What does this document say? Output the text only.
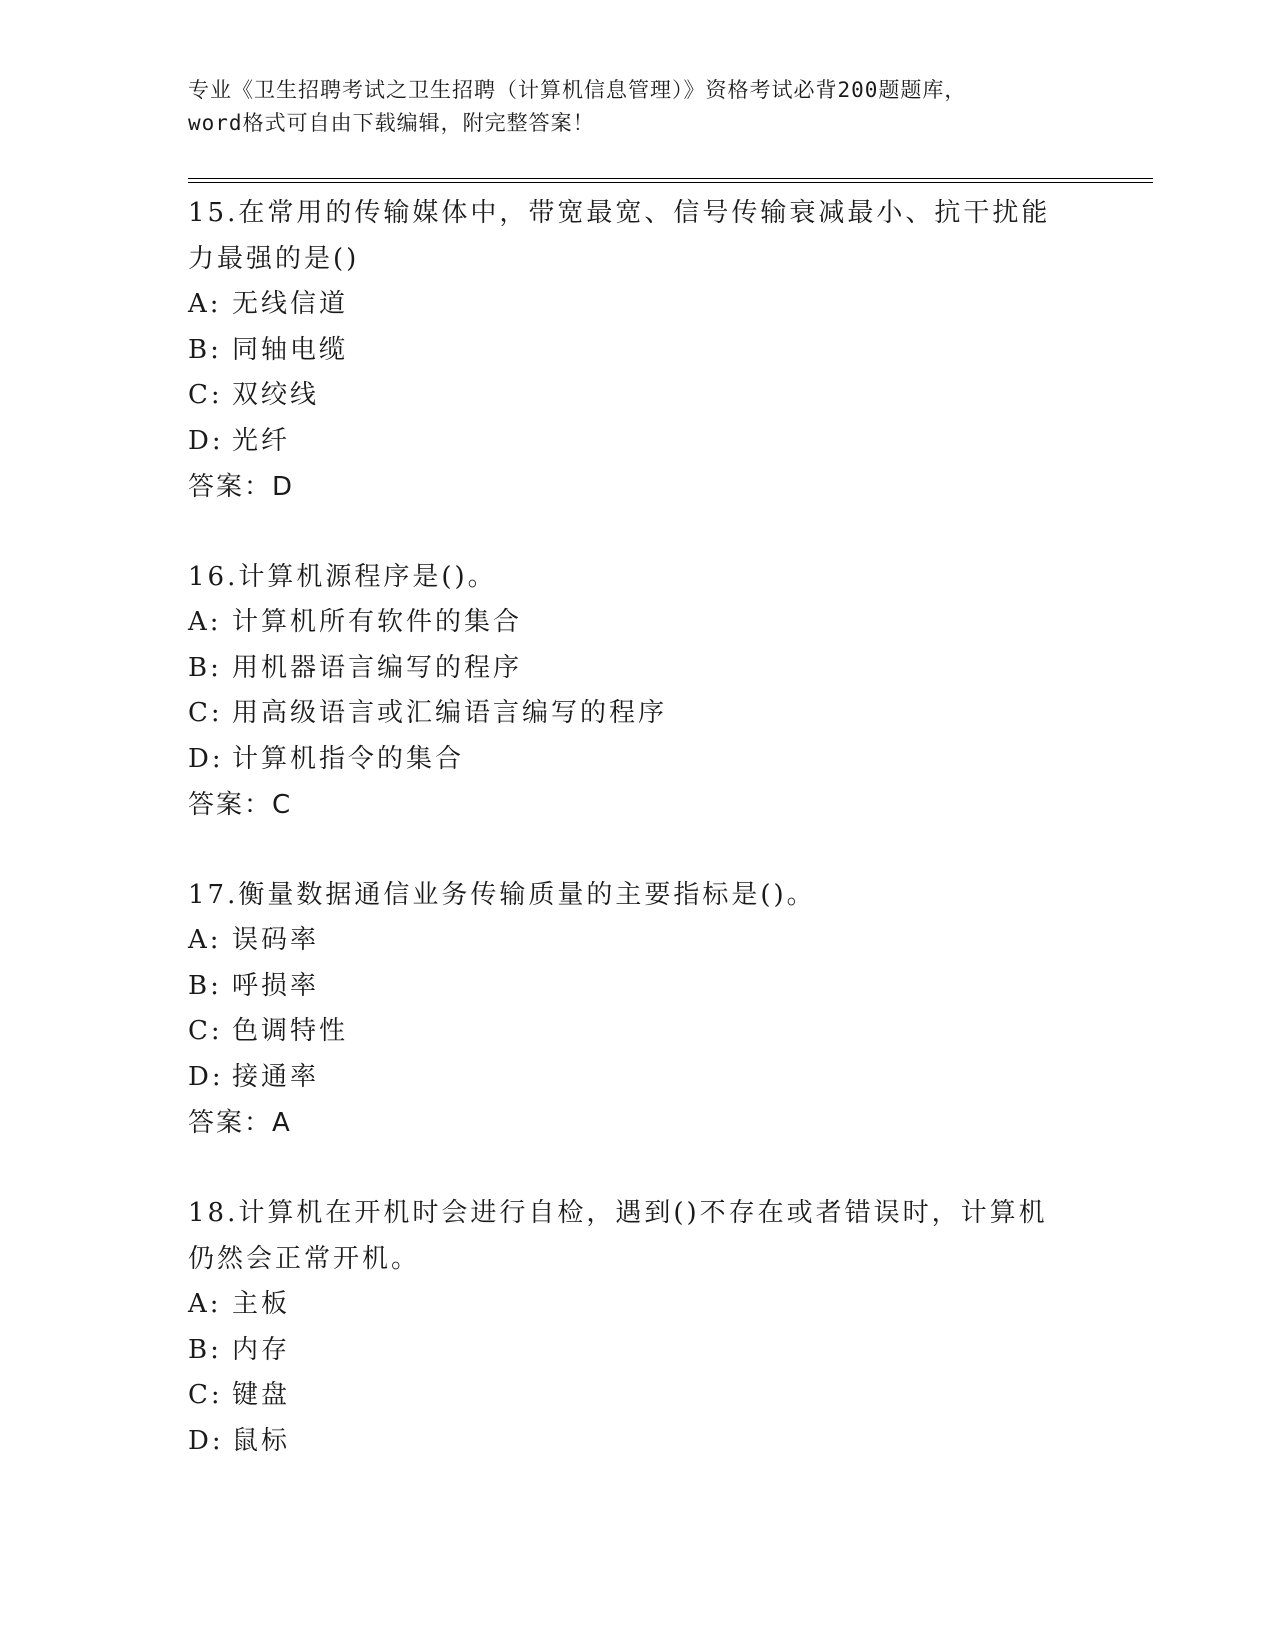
专业《卫生招聘考试之卫生招聘（计算机信息管理）》资格考试必背200题题库，
word格式可自由下载编辑，附完整答案！
15.在常用的传输媒体中，带宽最宽、信号传输衰减最小、抗干扰能力最强的是()
A: 无线信道
B: 同轴电缆
C: 双绞线
D: 光纤
答案：D
16.计算机源程序是()。
A: 计算机所有软件的集合
B: 用机器语言编写的程序
C: 用高级语言或汇编语言编写的程序
D: 计算机指令的集合
答案：C
17.衡量数据通信业务传输质量的主要指标是()。
A: 误码率
B: 呼损率
C: 色调特性
D: 接通率
答案：A
18.计算机在开机时会进行自检，遇到()不存在或者错误时，计算机仍然会正常开机。
A: 主板
B: 内存
C: 键盘
D: 鼠标
